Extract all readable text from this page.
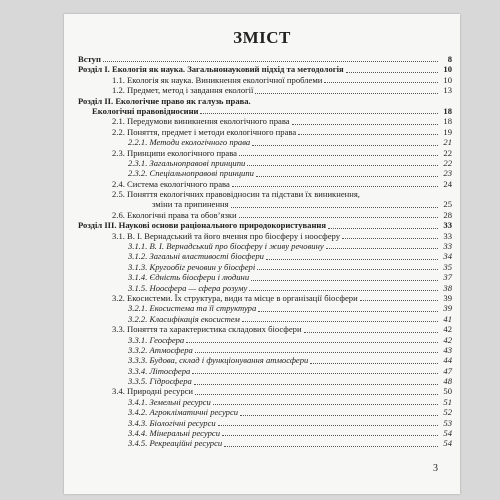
ЗМІСТ
Вступ	8
Розділ I. Екологія як наука. Загальнонауковий підхід та методологія	10
1.1. Екологія як наука. Виникнення екологічної проблеми	10
1.2. Предмет, метод і завдання екології	13
Розділ II. Екологічне право як галузь права.
Екологічні правовідносини	18
2.1. Передумови виникнення екологічного права	18
2.2. Поняття, предмет і методи екологічного права	19
2.2.1. Методи екологічного права	21
2.3. Принципи екологічного права	22
2.3.1. Загальноправові принципи	22
2.3.2. Спеціальноправові принципи	23
2.4. Система екологічного права	24
2.5. Поняття екологічних правовідносин та підстави їх виникнення,
зміни та припинення	25
2.6. Екологічні права та обов’язки	28
Розділ III. Наукові основи раціонального природокористування	33
3.1. В. І. Вернадський та його вчення про біосферу і ноосферу	33
3.1.1. В. І. Вернадський про біосферу і живу речовину	33
3.1.2. Загальні властивості біосфери	34
3.1.3. Кругообіг речовин у біосфері	35
3.1.4. Єдність біосфери і людини	37
3.1.5. Ноосфера — сфера розуму	38
3.2. Екосистеми. Їх структура, види та місце в організації біосфери	39
3.2.1. Екосистема та її структура	39
3.2.2. Класифікація екосистем	41
3.3. Поняття та характеристика складових біосфери	42
3.3.1. Геосфера	42
3.3.2. Атмосфера	43
3.3.3. Будова, склад і функціонування атмосфери	44
3.3.4. Літосфера	47
3.3.5. Гідросфера	48
3.4. Природні ресурси	50
3.4.1. Земельні ресурси	51
3.4.2. Агрокліматичні ресурси	52
3.4.3. Біологічні ресурси	53
3.4.4. Мінеральні ресурси	54
3.4.5. Рекреаційні ресурси	54
3
